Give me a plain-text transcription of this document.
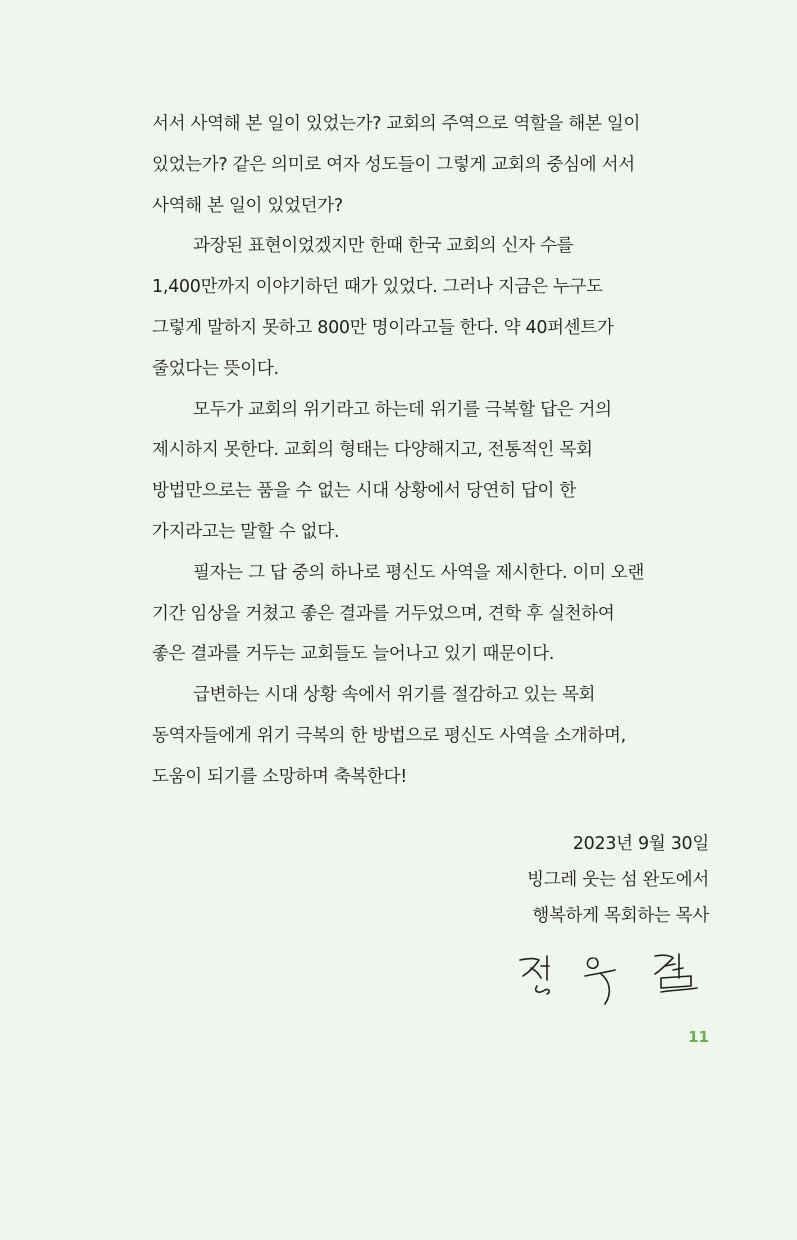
서서 사역해 본 일이 있었는가? 교회의 주역으로 역할을 해본 일이
있었는가? 같은 의미로 여자 성도들이 그렇게 교회의 중심에 서서
사역해 본 일이 있었던가?
과장된 표현이었겠지만 한때 한국 교회의 신자 수를
1,400만까지 이야기하던 때가 있었다. 그러나 지금은 누구도
그렇게 말하지 못하고 800만 명이라고들 한다. 약 40퍼센트가
줄었다는 뜻이다.
모두가 교회의 위기라고 하는데 위기를 극복할 답은 거의
제시하지 못한다. 교회의 형태는 다양해지고, 전통적인 목회
방법만으로는 품을 수 없는 시대 상황에서 당연히 답이 한
가지라고는 말할 수 없다.
필자는 그 답 중의 하나로 평신도 사역을 제시한다. 이미 오랜
기간 임상을 거쳤고 좋은 결과를 거두었으며, 견학 후 실천하여
좋은 결과를 거두는 교회들도 늘어나고 있기 때문이다.
급변하는 시대 상황 속에서 위기를 절감하고 있는 목회
동역자들에게 위기 극복의 한 방법으로 평신도 사역을 소개하며,
도움이 되기를 소망하며 축복한다!
2023년 9월 30일
빙그레 웃는 섬 완도에서
행복하게 목회하는 목사
11
